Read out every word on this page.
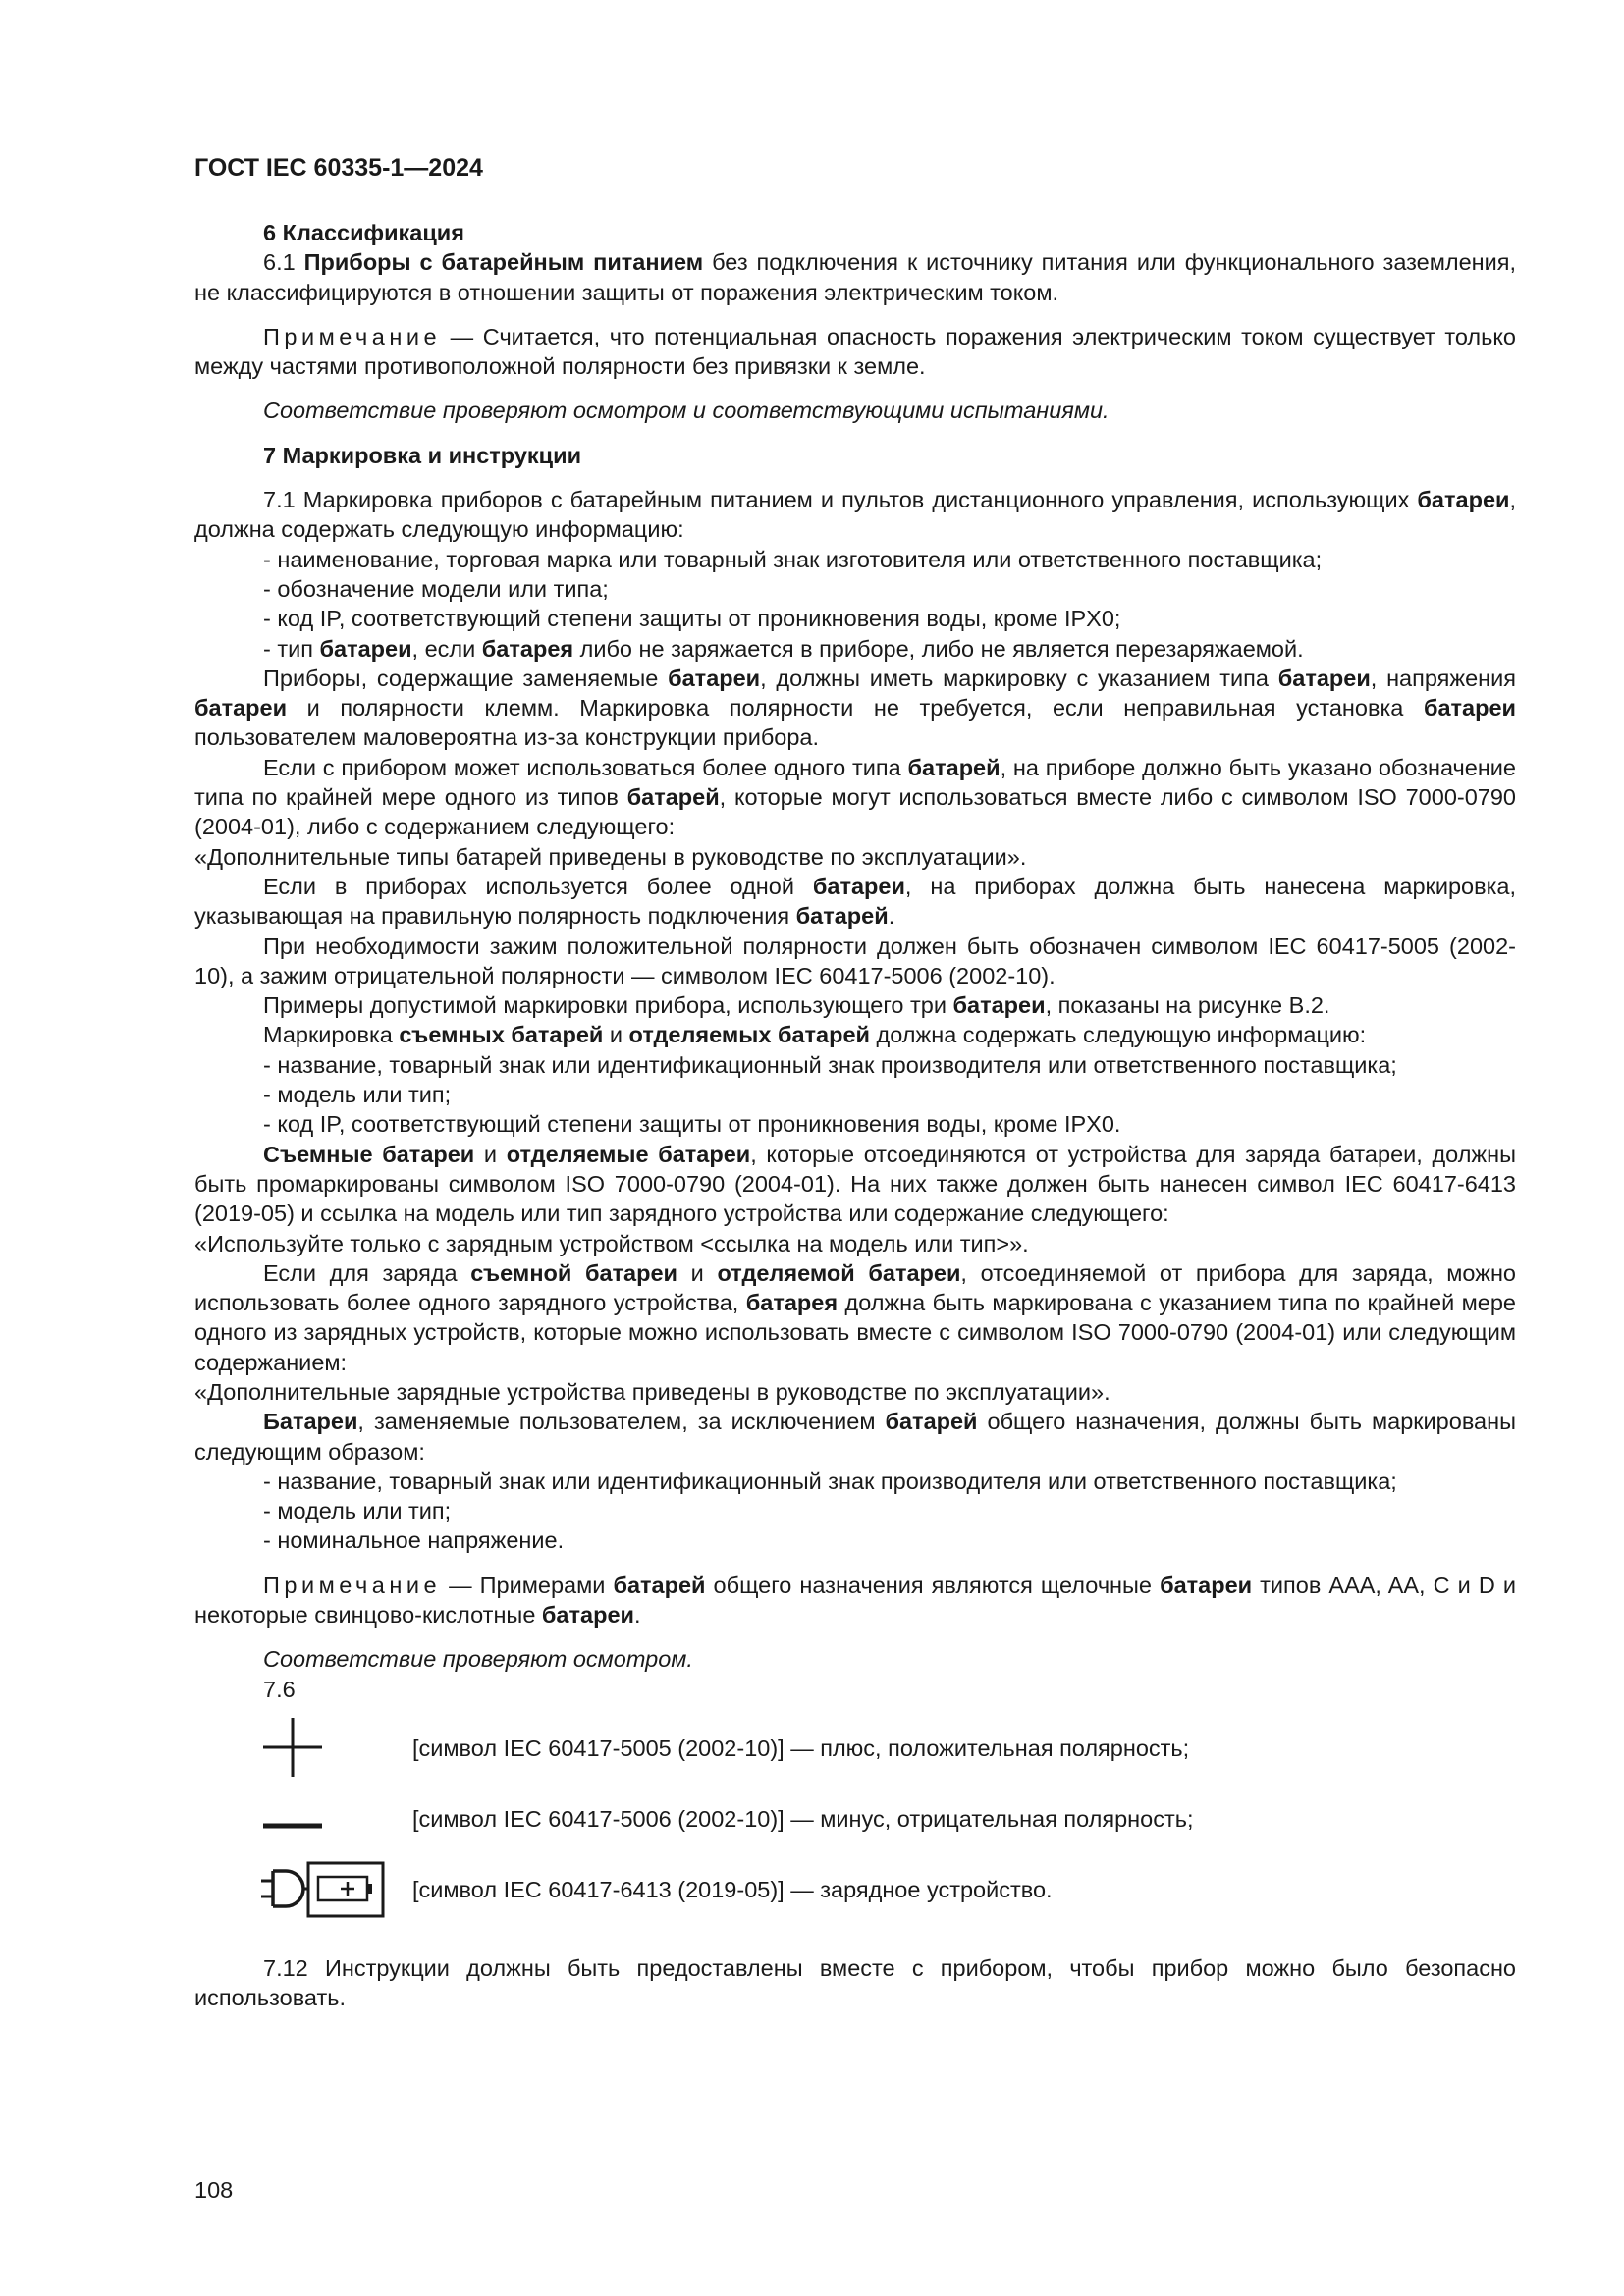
ГОСТ IEC 60335-1—2024
6 Классификация
6.1 Приборы с батарейным питанием без подключения к источнику питания или функционального заземления, не классифицируются в отношении защиты от поражения электрическим током.
Примечание — Считается, что потенциальная опасность поражения электрическим током существует только между частями противоположной полярности без привязки к земле.
Соответствие проверяют осмотром и соответствующими испытаниями.
7 Маркировка и инструкции
7.1 Маркировка приборов с батарейным питанием и пультов дистанционного управления, использующих батареи, должна содержать следующую информацию:
- наименование, торговая марка или товарный знак изготовителя или ответственного поставщика;
- обозначение модели или типа;
- код IP, соответствующий степени защиты от проникновения воды, кроме IPX0;
- тип батареи, если батарея либо не заряжается в приборе, либо не является перезаряжаемой.
Приборы, содержащие заменяемые батареи, должны иметь маркировку с указанием типа батареи, напряжения батареи и полярности клемм. Маркировка полярности не требуется, если неправильная установка батареи пользователем маловероятна из-за конструкции прибора.
Если с прибором может использоваться более одного типа батарей, на приборе должно быть указано обозначение типа по крайней мере одного из типов батарей, которые могут использоваться вместе либо с символом ISO 7000-0790 (2004-01), либо с содержанием следующего:
«Дополнительные типы батарей приведены в руководстве по эксплуатации».
Если в приборах используется более одной батареи, на приборах должна быть нанесена маркировка, указывающая на правильную полярность подключения батарей.
При необходимости зажим положительной полярности должен быть обозначен символом IEC 60417-5005 (2002-10), а зажим отрицательной полярности — символом IEC 60417-5006 (2002-10).
Примеры допустимой маркировки прибора, использующего три батареи, показаны на рисунке В.2.
Маркировка съемных батарей и отделяемых батарей должна содержать следующую информацию:
- название, товарный знак или идентификационный знак производителя или ответственного поставщика;
- модель или тип;
- код IP, соответствующий степени защиты от проникновения воды, кроме IPX0.
Съемные батареи и отделяемые батареи, которые отсоединяются от устройства для заряда батареи, должны быть промаркированы символом ISO 7000-0790 (2004-01). На них также должен быть нанесен символ IEC 60417-6413 (2019-05) и ссылка на модель или тип зарядного устройства или содержание следующего:
«Используйте только с зарядным устройством <ссылка на модель или тип>».
Если для заряда съемной батареи и отделяемой батареи, отсоединяемой от прибора для заряда, можно использовать более одного зарядного устройства, батарея должна быть маркирована с указанием типа по крайней мере одного из зарядных устройств, которые можно использовать вместе с символом ISO 7000-0790 (2004-01) или следующим содержанием:
«Дополнительные зарядные устройства приведены в руководстве по эксплуатации».
Батареи, заменяемые пользователем, за исключением батарей общего назначения, должны быть маркированы следующим образом:
- название, товарный знак или идентификационный знак производителя или ответственного поставщика;
- модель или тип;
- номинальное напряжение.
Примечание — Примерами батарей общего назначения являются щелочные батареи типов AAA, AA, C и D и некоторые свинцово-кислотные батареи.
Соответствие проверяют осмотром.
7.6
[символ IEC 60417-5005 (2002-10)] — плюс, положительная полярность;
[символ IEC 60417-5006 (2002-10)] — минус, отрицательная полярность;
[символ IEC 60417-6413 (2019-05)] — зарядное устройство.
7.12 Инструкции должны быть предоставлены вместе с прибором, чтобы прибор можно было безопасно использовать.
108
